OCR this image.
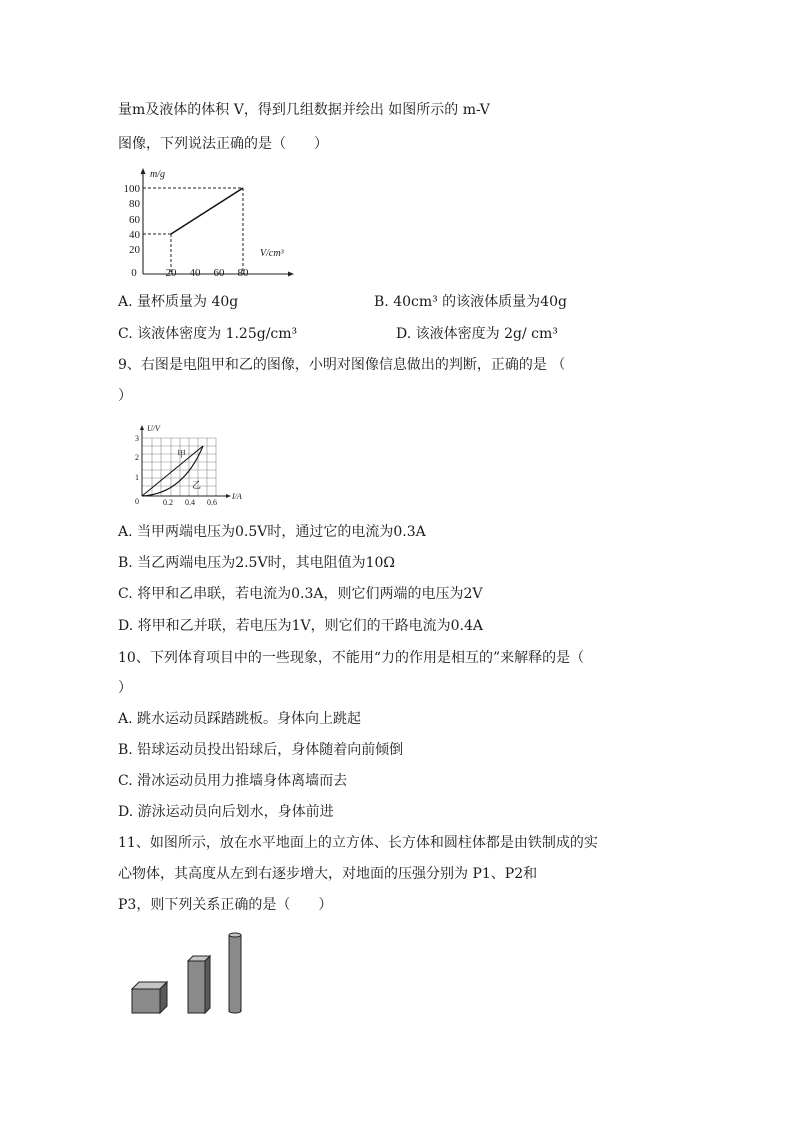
量m及液体的体积 V，得到几组数据并绘出 如图所示的 m-V
图像，下列说法正确的是（　　）
m/g
V/cm³
100
80
60
40
20
0	20 40 60 80
A. 量杯质量为 40g	B. 40cm³ 的该液体质量为40g
C. 该液体密度为 1.25g/cm³	D. 该液体密度为 2g/ cm³
9、右图是电阻甲和乙的图像，小明对图像信息做出的判断，正确的是 （
）
U/V
I/A
3
2
1
0	0.2 0.4 0.6
甲
乙
A. 当甲两端电压为0.5V时，通过它的电流为0.3A
B. 当乙两端电压为2.5V时，其电阻值为10Ω
C. 将甲和乙串联，若电流为0.3A，则它们两端的电压为2V
D. 将甲和乙并联，若电压为1V，则它们的干路电流为0.4A
10、下列体育项目中的一些现象，不能用“力的作用是相互的”来解释的是（
）
A. 跳水运动员踩踏跳板。身体向上跳起
B. 铅球运动员投出铅球后，身体随着向前倾倒
C. 滑冰运动员用力推墙身体离墙而去
D. 游泳运动员向后划水，身体前进
11、如图所示，放在水平地面上的立方体、长方体和圆柱体都是由铁制成的实
心物体，其高度从左到右逐步增大，对地面的压强分别为 P1、P2和
P3，则下列关系正确的是（　　）
